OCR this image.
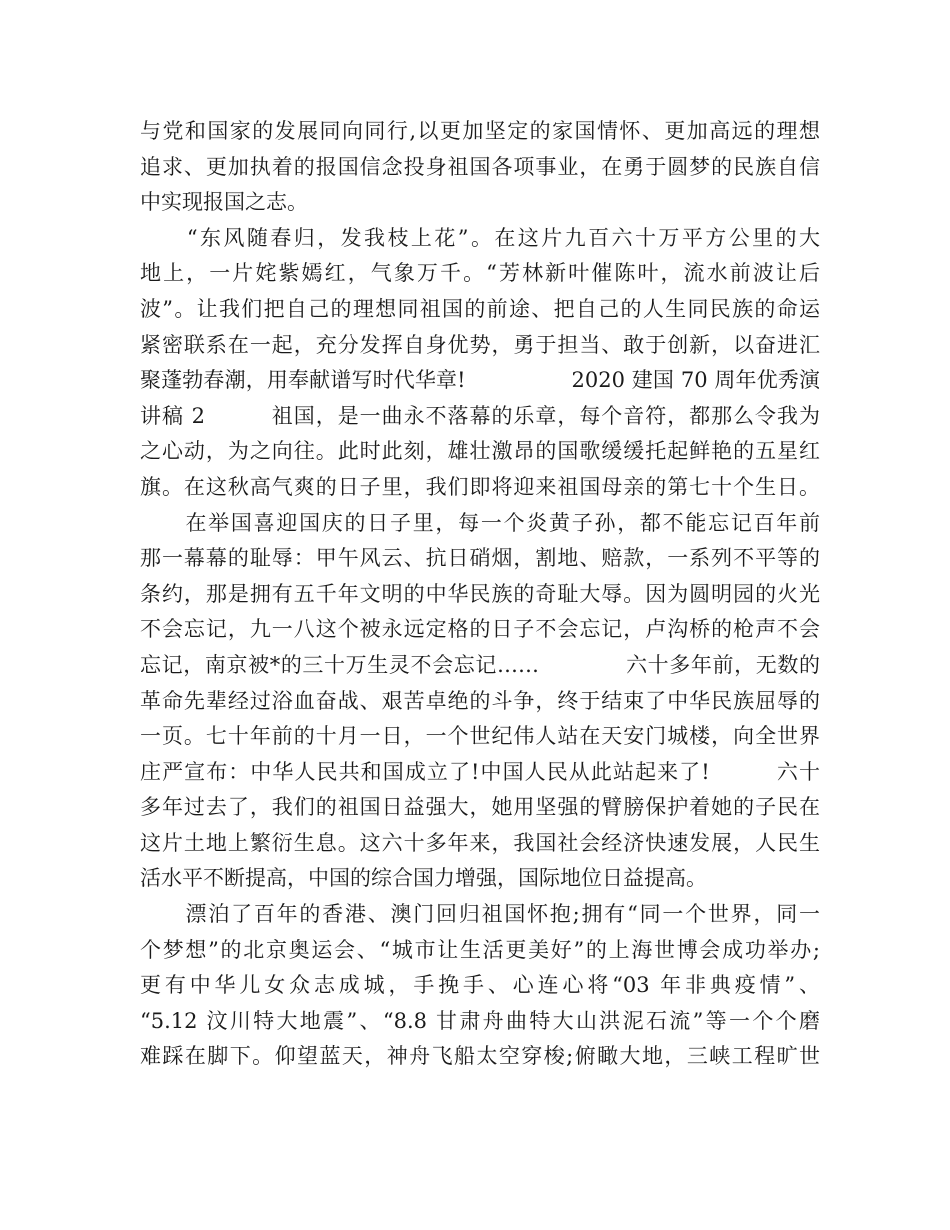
与党和国家的发展同向同行,以更加坚定的家国情怀、更加高远的理想
追求、更加执着的报国信念投身祖国各项事业，在勇于圆梦的民族自信
中实现报国之志。
　　“东风随春归，发我枝上花”。在这片九百六十万平方公里的大
地上，一片姹紫嫣红，气象万千。“芳林新叶催陈叶，流水前波让后
波”。让我们把自己的理想同祖国的前途、把自己的人生同民族的命运
紧密联系在一起，充分发挥自身优势，勇于担当、敢于创新，以奋进汇
聚蓬勃春潮，用奉献谱写时代华章!　　　　　2020 建国 70 周年优秀演
讲稿 2　　　祖国，是一曲永不落幕的乐章，每个音符，都那么令我为
之心动，为之向往。此时此刻，雄壮激昂的国歌缓缓托起鲜艳的五星红
旗。在这秋高气爽的日子里，我们即将迎来祖国母亲的第七十个生日。
　　在举国喜迎国庆的日子里，每一个炎黄子孙，都不能忘记百年前
那一幕幕的耻辱：甲午风云、抗日硝烟，割地、赔款，一系列不平等的
条约，那是拥有五千年文明的中华民族的奇耻大辱。因为圆明园的火光
不会忘记，九一八这个被永远定格的日子不会忘记，卢沟桥的枪声不会
忘记，南京被*的三十万生灵不会忘记……　　　　六十多年前，无数的
革命先辈经过浴血奋战、艰苦卓绝的斗争，终于结束了中华民族屈辱的
一页。七十年前的十月一日，一个世纪伟人站在天安门城楼，向全世界
庄严宣布：中华人民共和国成立了!中国人民从此站起来了!　　　六十
多年过去了，我们的祖国日益强大，她用坚强的臂膀保护着她的子民在
这片土地上繁衍生息。这六十多年来，我国社会经济快速发展，人民生
活水平不断提高，中国的综合国力增强，国际地位日益提高。
　　漂泊了百年的香港、澳门回归祖国怀抱;拥有“同一个世界，同一
个梦想”的北京奥运会、“城市让生活更美好”的上海世博会成功举办;
更有中华儿女众志成城，手挽手、心连心将“03 年非典疫情”、
“5.12 汶川特大地震”、“8.8 甘肃舟曲特大山洪泥石流”等一个个磨
难踩在脚下。仰望蓝天，神舟飞船太空穿梭;俯瞰大地，三峡工程旷世
